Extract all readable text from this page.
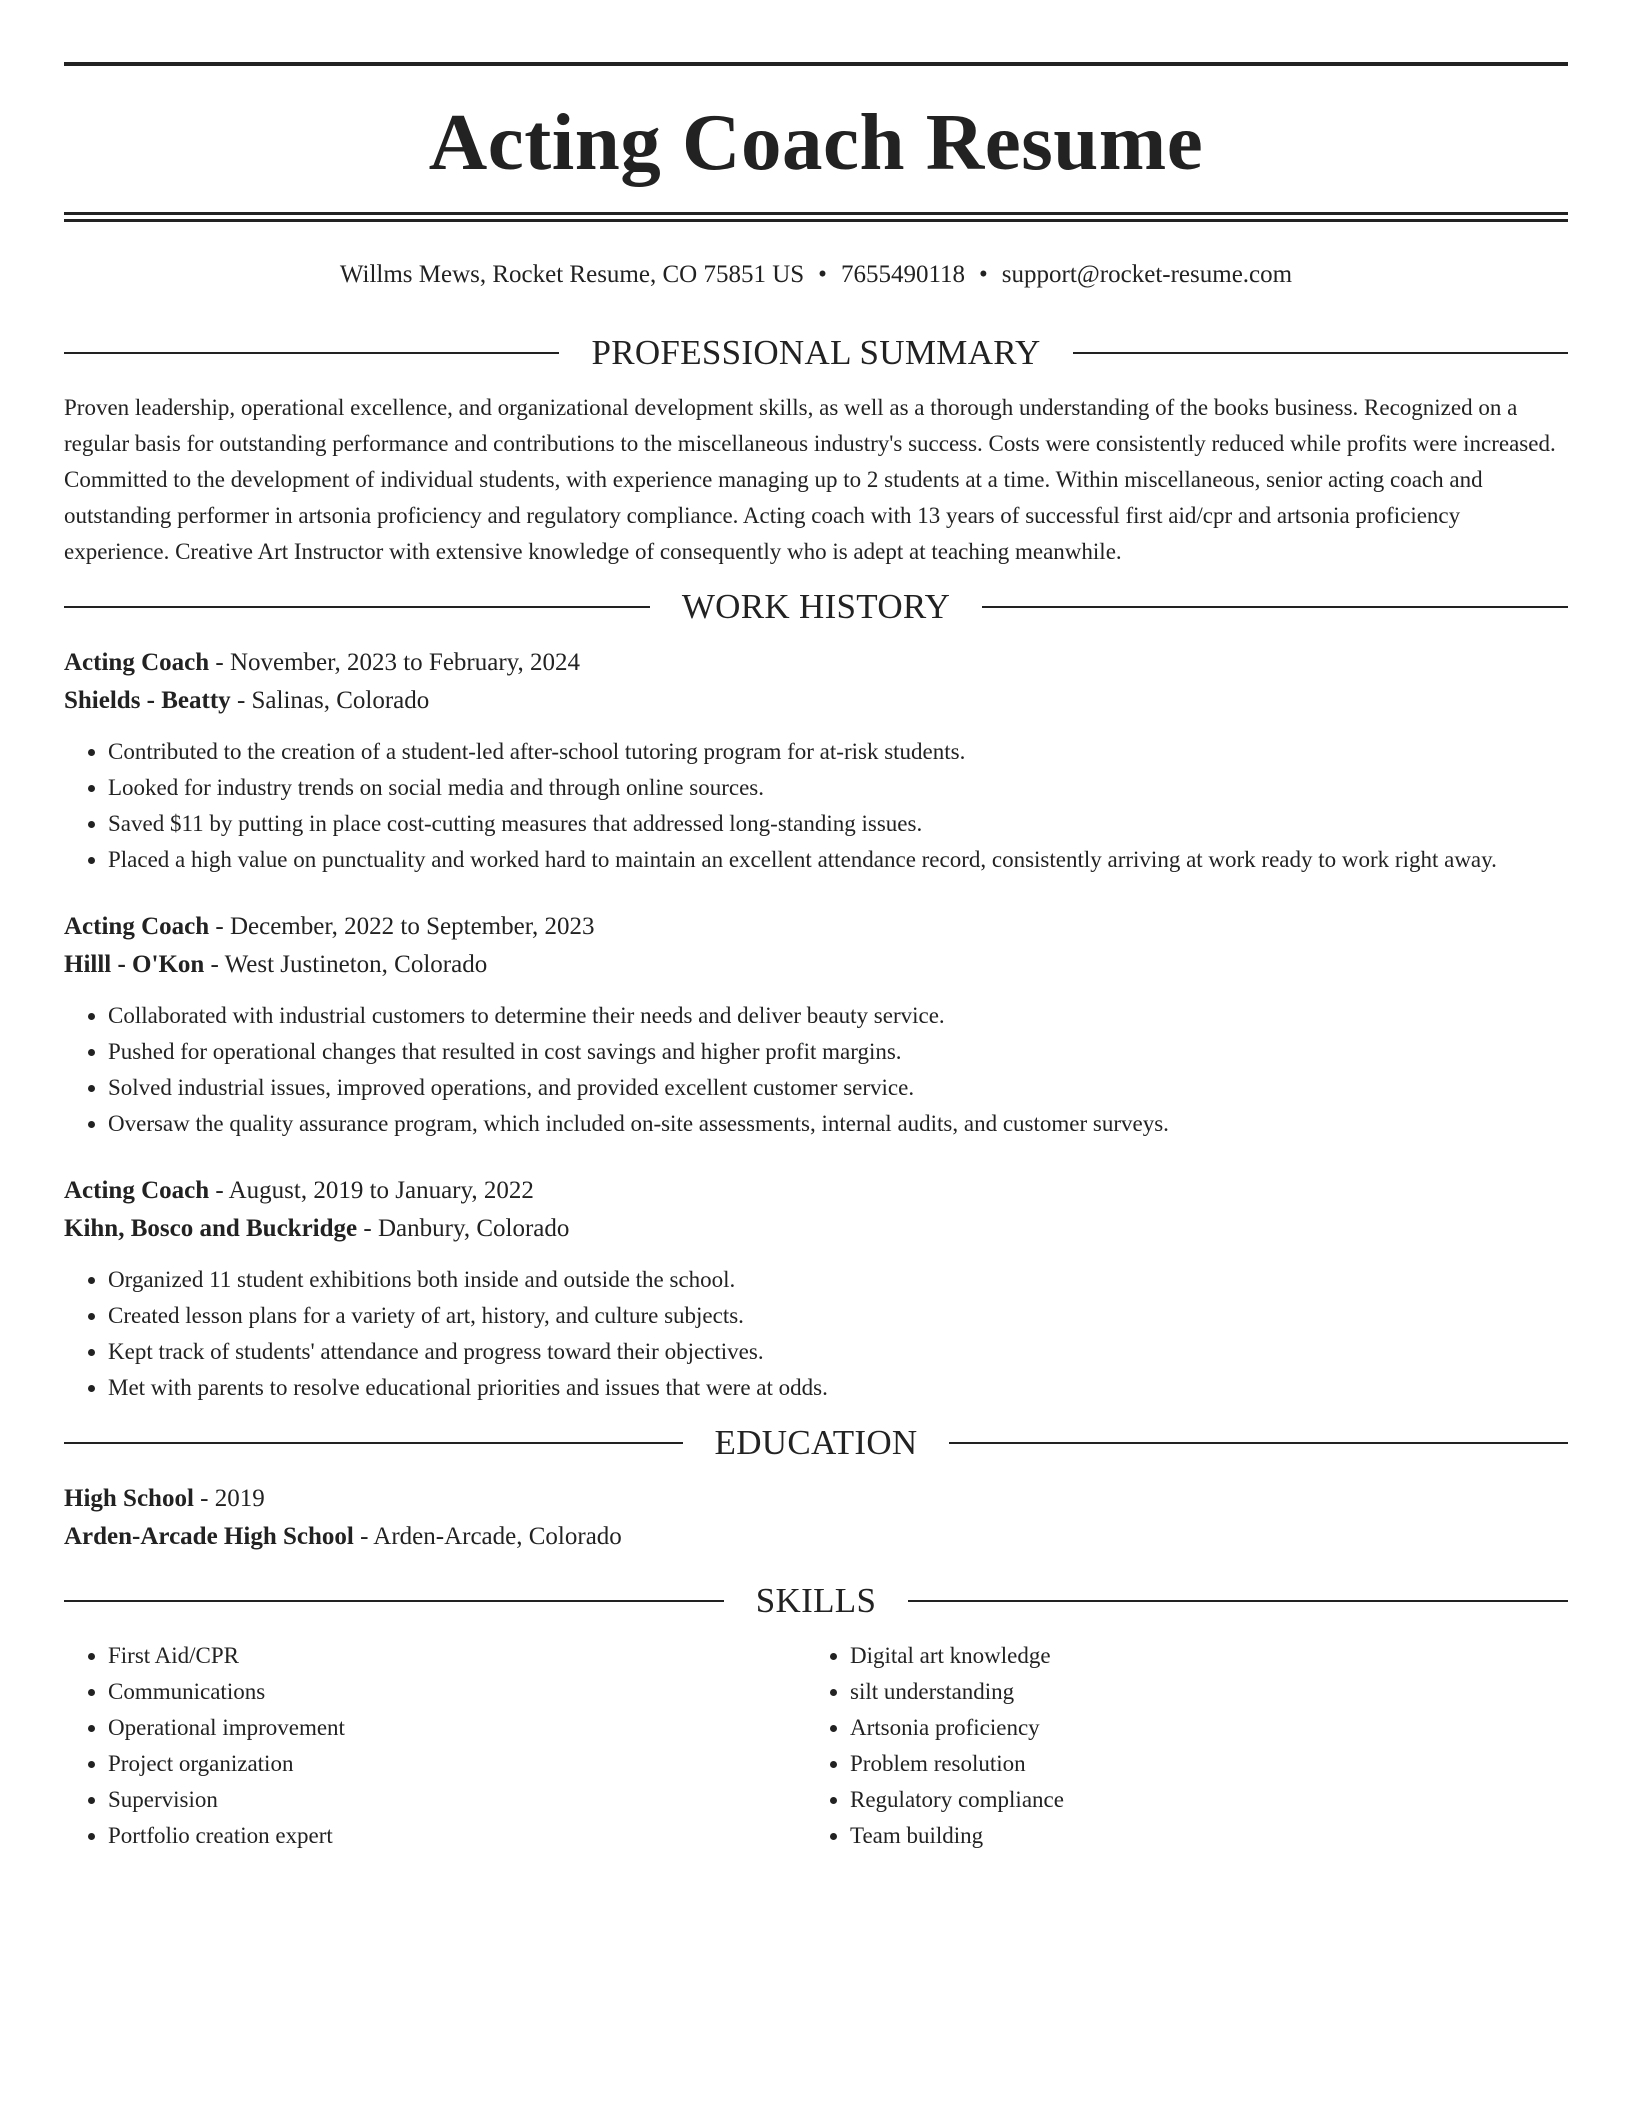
Acting Coach Resume
Willms Mews, Rocket Resume, CO 75851 US • 7655490118 • support@rocket-resume.com
PROFESSIONAL SUMMARY

Proven leadership, operational excellence, and organizational development skills, as well as a thorough understanding of the books business. Recognized on a regular basis for outstanding performance and contributions to the miscellaneous industry's success. Costs were consistently reduced while profits were increased. Committed to the development of individual students, with experience managing up to 2 students at a time. Within miscellaneous, senior acting coach and outstanding performer in artsonia proficiency and regulatory compliance. Acting coach with 13 years of successful first aid/cpr and artsonia proficiency experience. Creative Art Instructor with extensive knowledge of consequently who is adept at teaching meanwhile.

WORK HISTORY
Acting Coach - November, 2023 to February, 2024
Shields - Beatty - Salinas, Colorado
• Contributed to the creation of a student-led after-school tutoring program for at-risk students.
• Looked for industry trends on social media and through online sources.
• Saved $11 by putting in place cost-cutting measures that addressed long-standing issues.
• Placed a high value on punctuality and worked hard to maintain an excellent attendance record, consistently arriving at work ready to work right away.
Acting Coach - December, 2022 to September, 2023
Hilll - O'Kon - West Justineton, Colorado
• Collaborated with industrial customers to determine their needs and deliver beauty service.
• Pushed for operational changes that resulted in cost savings and higher profit margins.
• Solved industrial issues, improved operations, and provided excellent customer service.
• Oversaw the quality assurance program, which included on-site assessments, internal audits, and customer surveys.
Acting Coach - August, 2019 to January, 2022
Kihn, Bosco and Buckridge - Danbury, Colorado
• Organized 11 student exhibitions both inside and outside the school.
• Created lesson plans for a variety of art, history, and culture subjects.
• Kept track of students' attendance and progress toward their objectives.
• Met with parents to resolve educational priorities and issues that were at odds.
EDUCATION
High School - 2019
Arden-Arcade High School - Arden-Arcade, Colorado
SKILLS
• First Aid/CPR
• Communications
• Operational improvement
• Project organization
• Supervision
• Portfolio creation expert
• Digital art knowledge
• silt understanding
• Artsonia proficiency
• Problem resolution
• Regulatory compliance
• Team building
